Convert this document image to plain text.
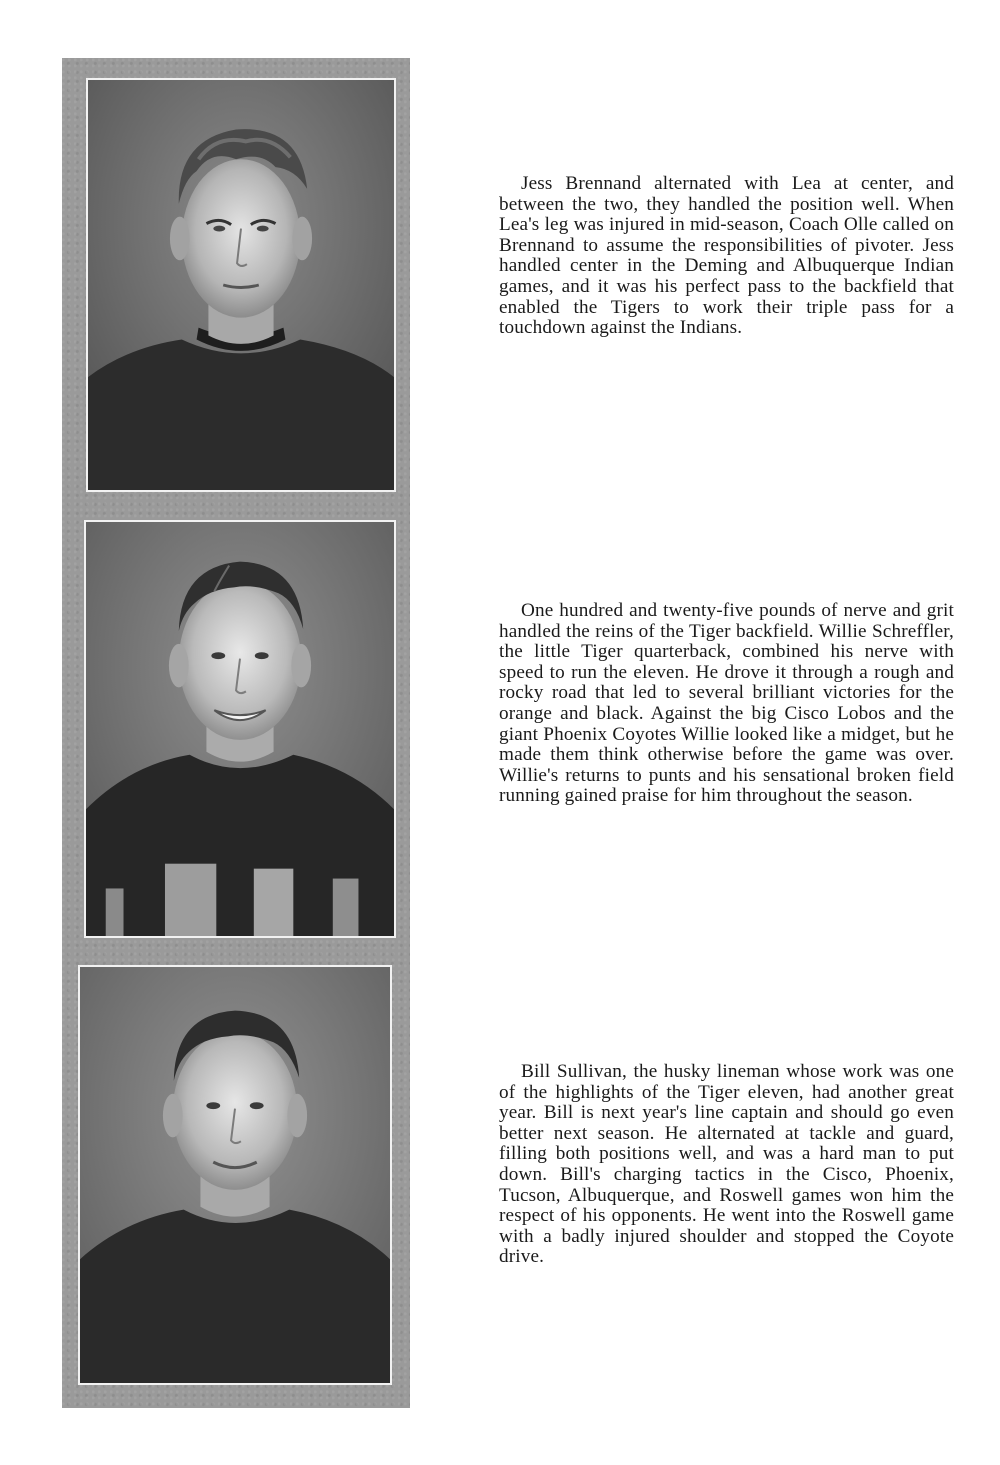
Jess Brennand alternated with Lea at center, and between the two, they handled the position well. When Lea's leg was injured in mid-season, Coach Olle called on Brennand to assume the responsibilities of pivoter. Jess handled center in the Deming and Albuquerque Indian games, and it was his perfect pass to the backfield that enabled the Tigers to work their triple pass for a touchdown against the Indians.

One hundred and twenty-five pounds of nerve and grit handled the reins of the Tiger backfield. Willie Schreffler, the little Tiger quarterback, combined his nerve with speed to run the eleven. He drove it through a rough and rocky road that led to several brilliant victories for the orange and black. Against the big Cisco Lobos and the giant Phoenix Coyotes Willie looked like a midget, but he made them think otherwise before the game was over. Willie's returns to punts and his sensational broken field running gained praise for him throughout the season.

Bill Sullivan, the husky lineman whose work was one of the highlights of the Tiger eleven, had another great year. Bill is next year's line captain and should go even better next season. He alternated at tackle and guard, filling both positions well, and was a hard man to put down. Bill's charging tactics in the Cisco, Phoenix, Tucson, Albuquerque, and Roswell games won him the respect of his opponents. He went into the Roswell game with a badly injured shoulder and stopped the Coyote drive.
